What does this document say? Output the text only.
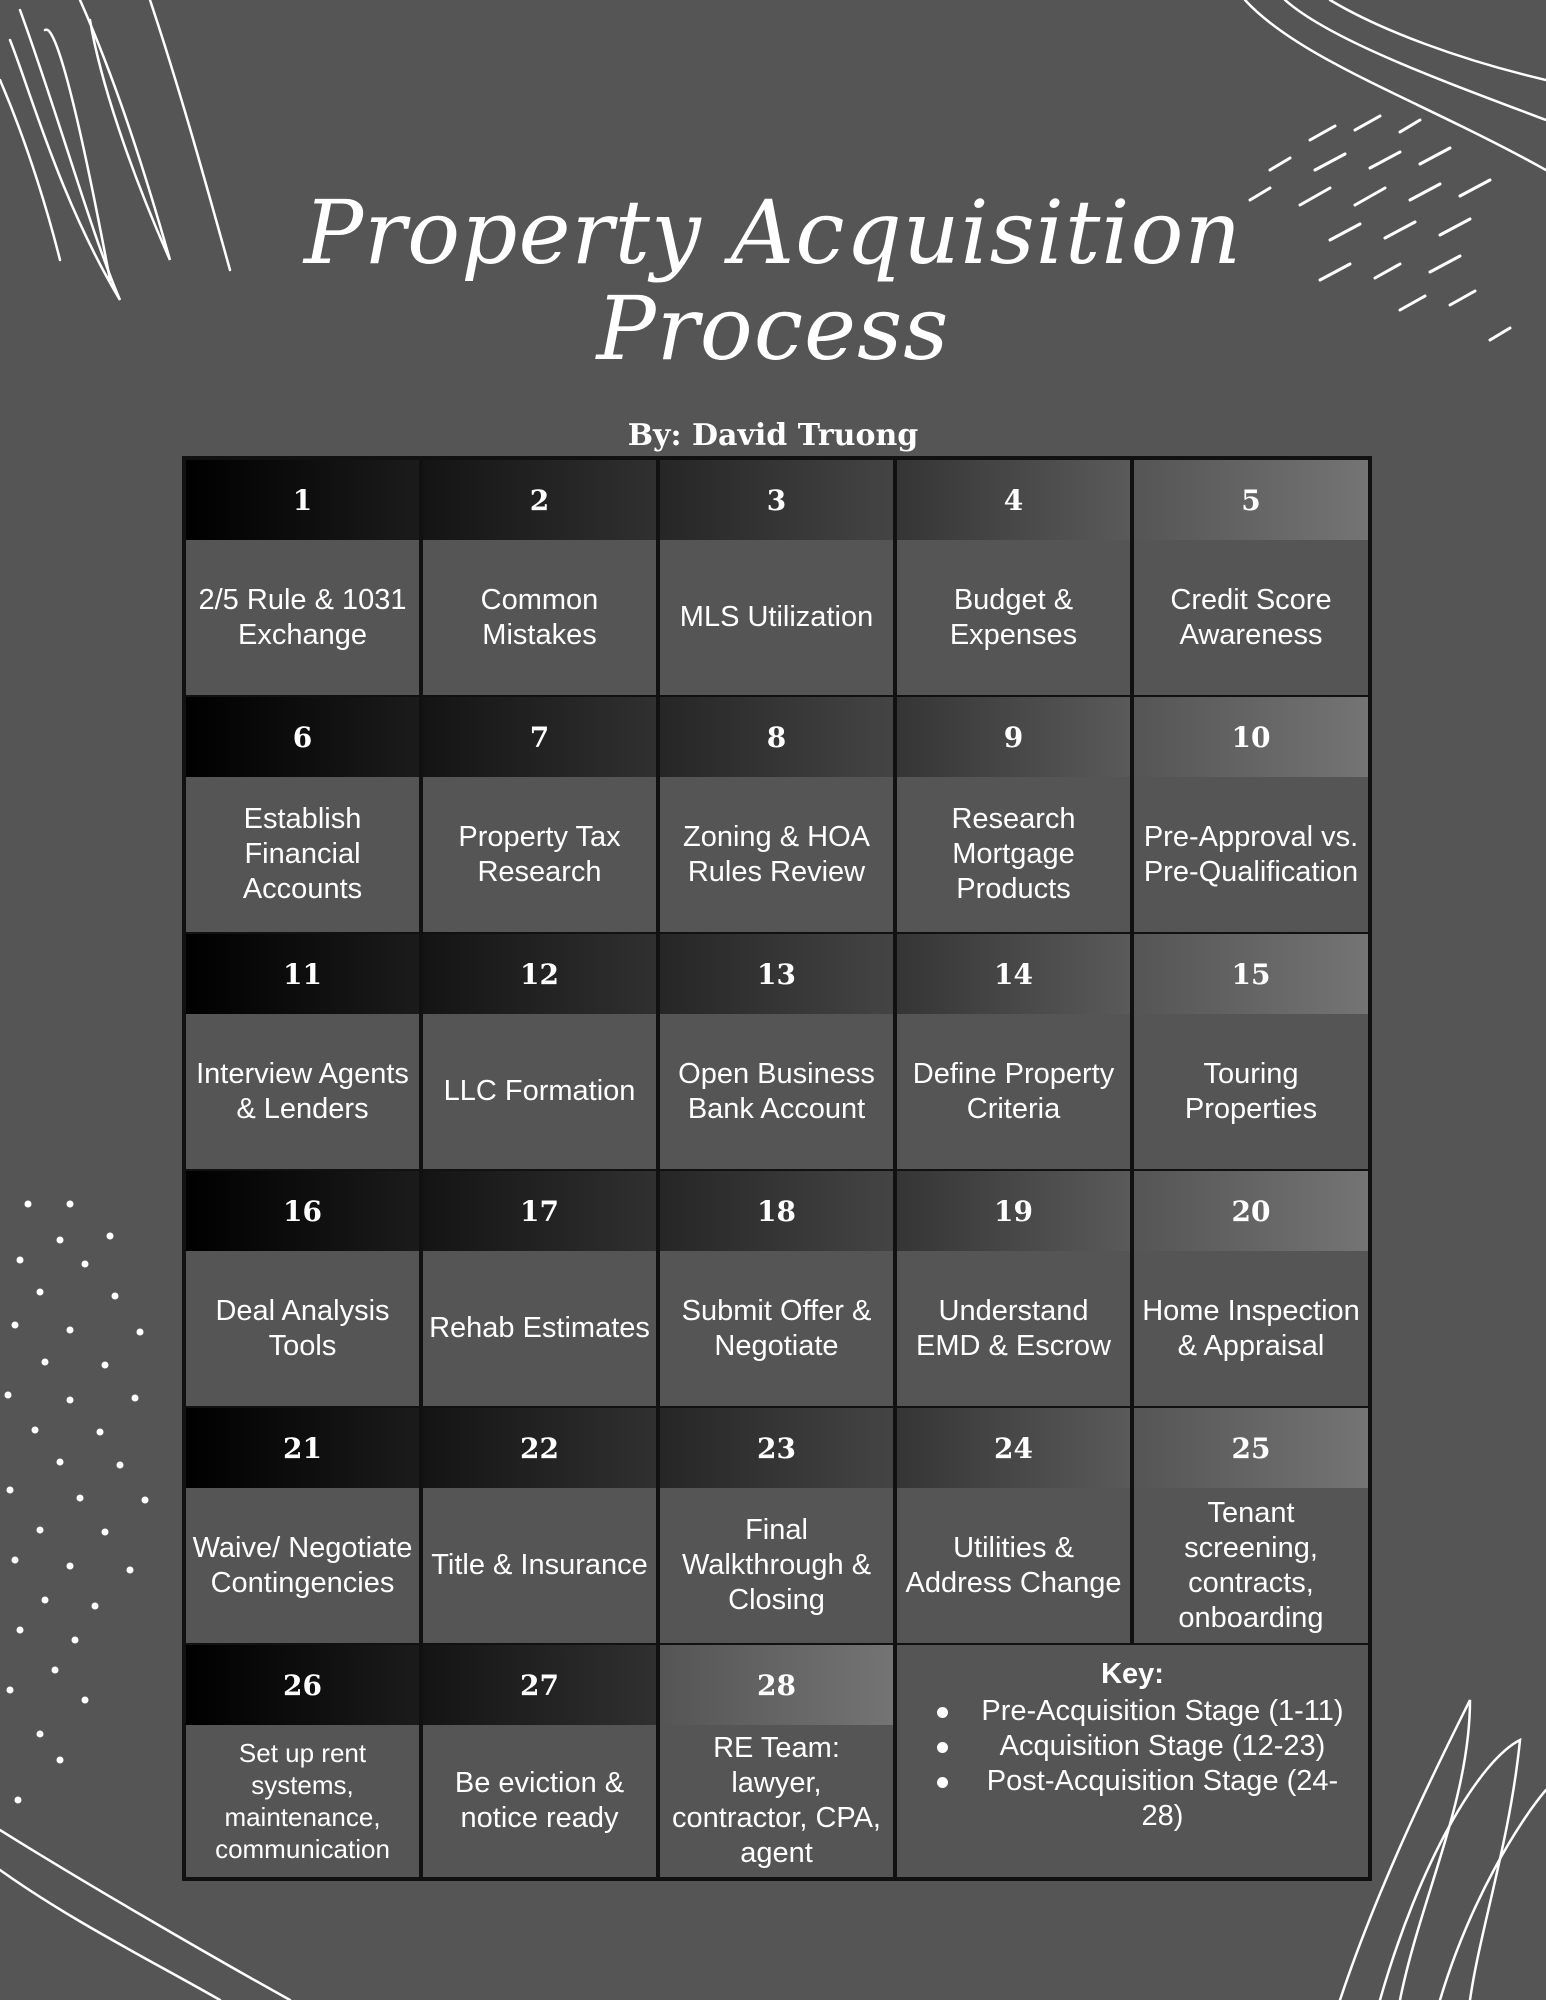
Property Acquisition
Process
By: David Truong
1
2/5 Rule & 1031 Exchange
2
Common Mistakes
3
MLS Utilization
4
Budget & Expenses
5
Credit Score Awareness
6
Establish Financial Accounts
7
Property Tax Research
8
Zoning & HOA Rules Review
9
Research Mortgage Products
10
Pre-Approval vs. Pre-Qualification
11
Interview Agents & Lenders
12
LLC Formation
13
Open Business Bank Account
14
Define Property Criteria
15
Touring Properties
16
Deal Analysis Tools
17
Rehab Estimates
18
Submit Offer & Negotiate
19
Understand EMD & Escrow
20
Home Inspection & Appraisal
21
Waive/ Negotiate Contingencies
22
Title & Insurance
23
Final Walkthrough & Closing
24
Utilities & Address Change
25
Tenant screening, contracts, onboarding
26
Set up rent systems, maintenance, communication
27
Be eviction & notice ready
28
RE Team: lawyer, contractor, CPA, agent
Key:
Pre-Acquisition Stage (1-11)
Acquisition Stage (12-23)
Post-Acquisition Stage (24-28)
